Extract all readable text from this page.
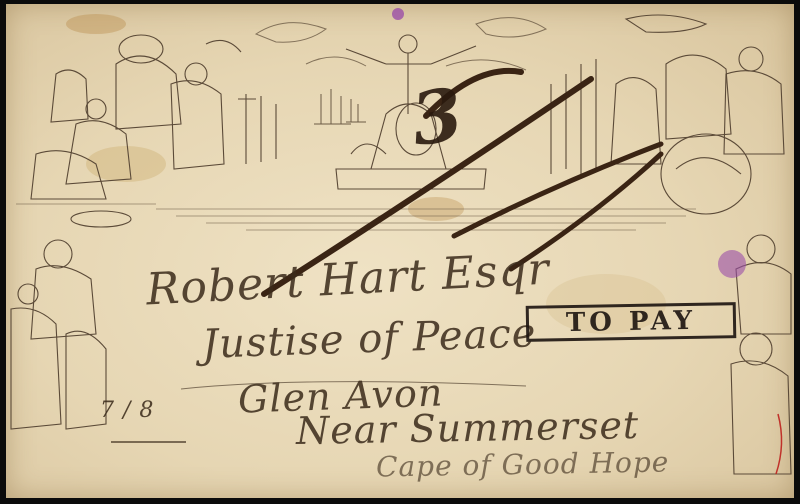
3
Robert Hart Esqr
Justise of Peace
Glen Avon
Near Summerset
Cape of Good Hope
7 / 8
TO PAY
